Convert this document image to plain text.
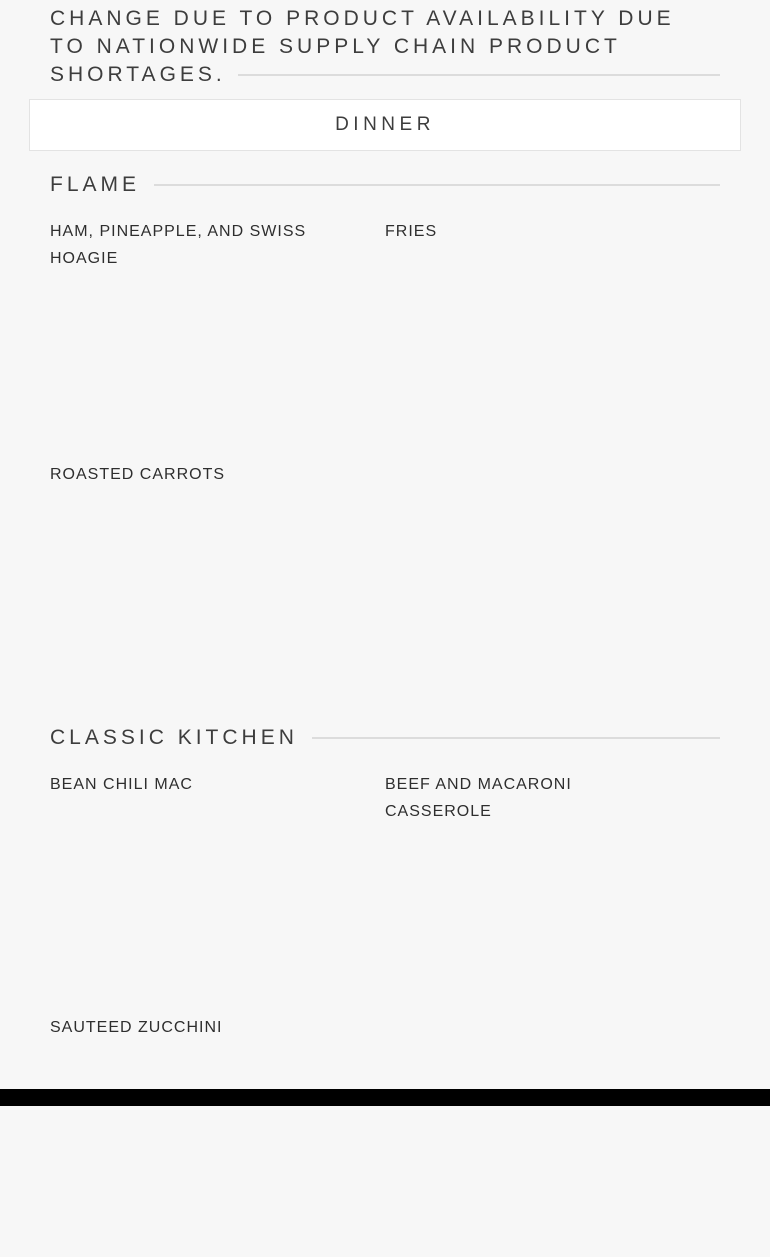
CHANGE DUE TO PRODUCT AVAILABILITY DUE
TO NATIONWIDE SUPPLY CHAIN PRODUCT
SHORTAGES.
DINNER
FLAME
HAM, PINEAPPLE, AND SWISS HOAGIE
FRIES
ROASTED CARROTS
CLASSIC KITCHEN
BEAN CHILI MAC	BEEF AND MACARONI CASSEROLE
SAUTEED ZUCCHINI
